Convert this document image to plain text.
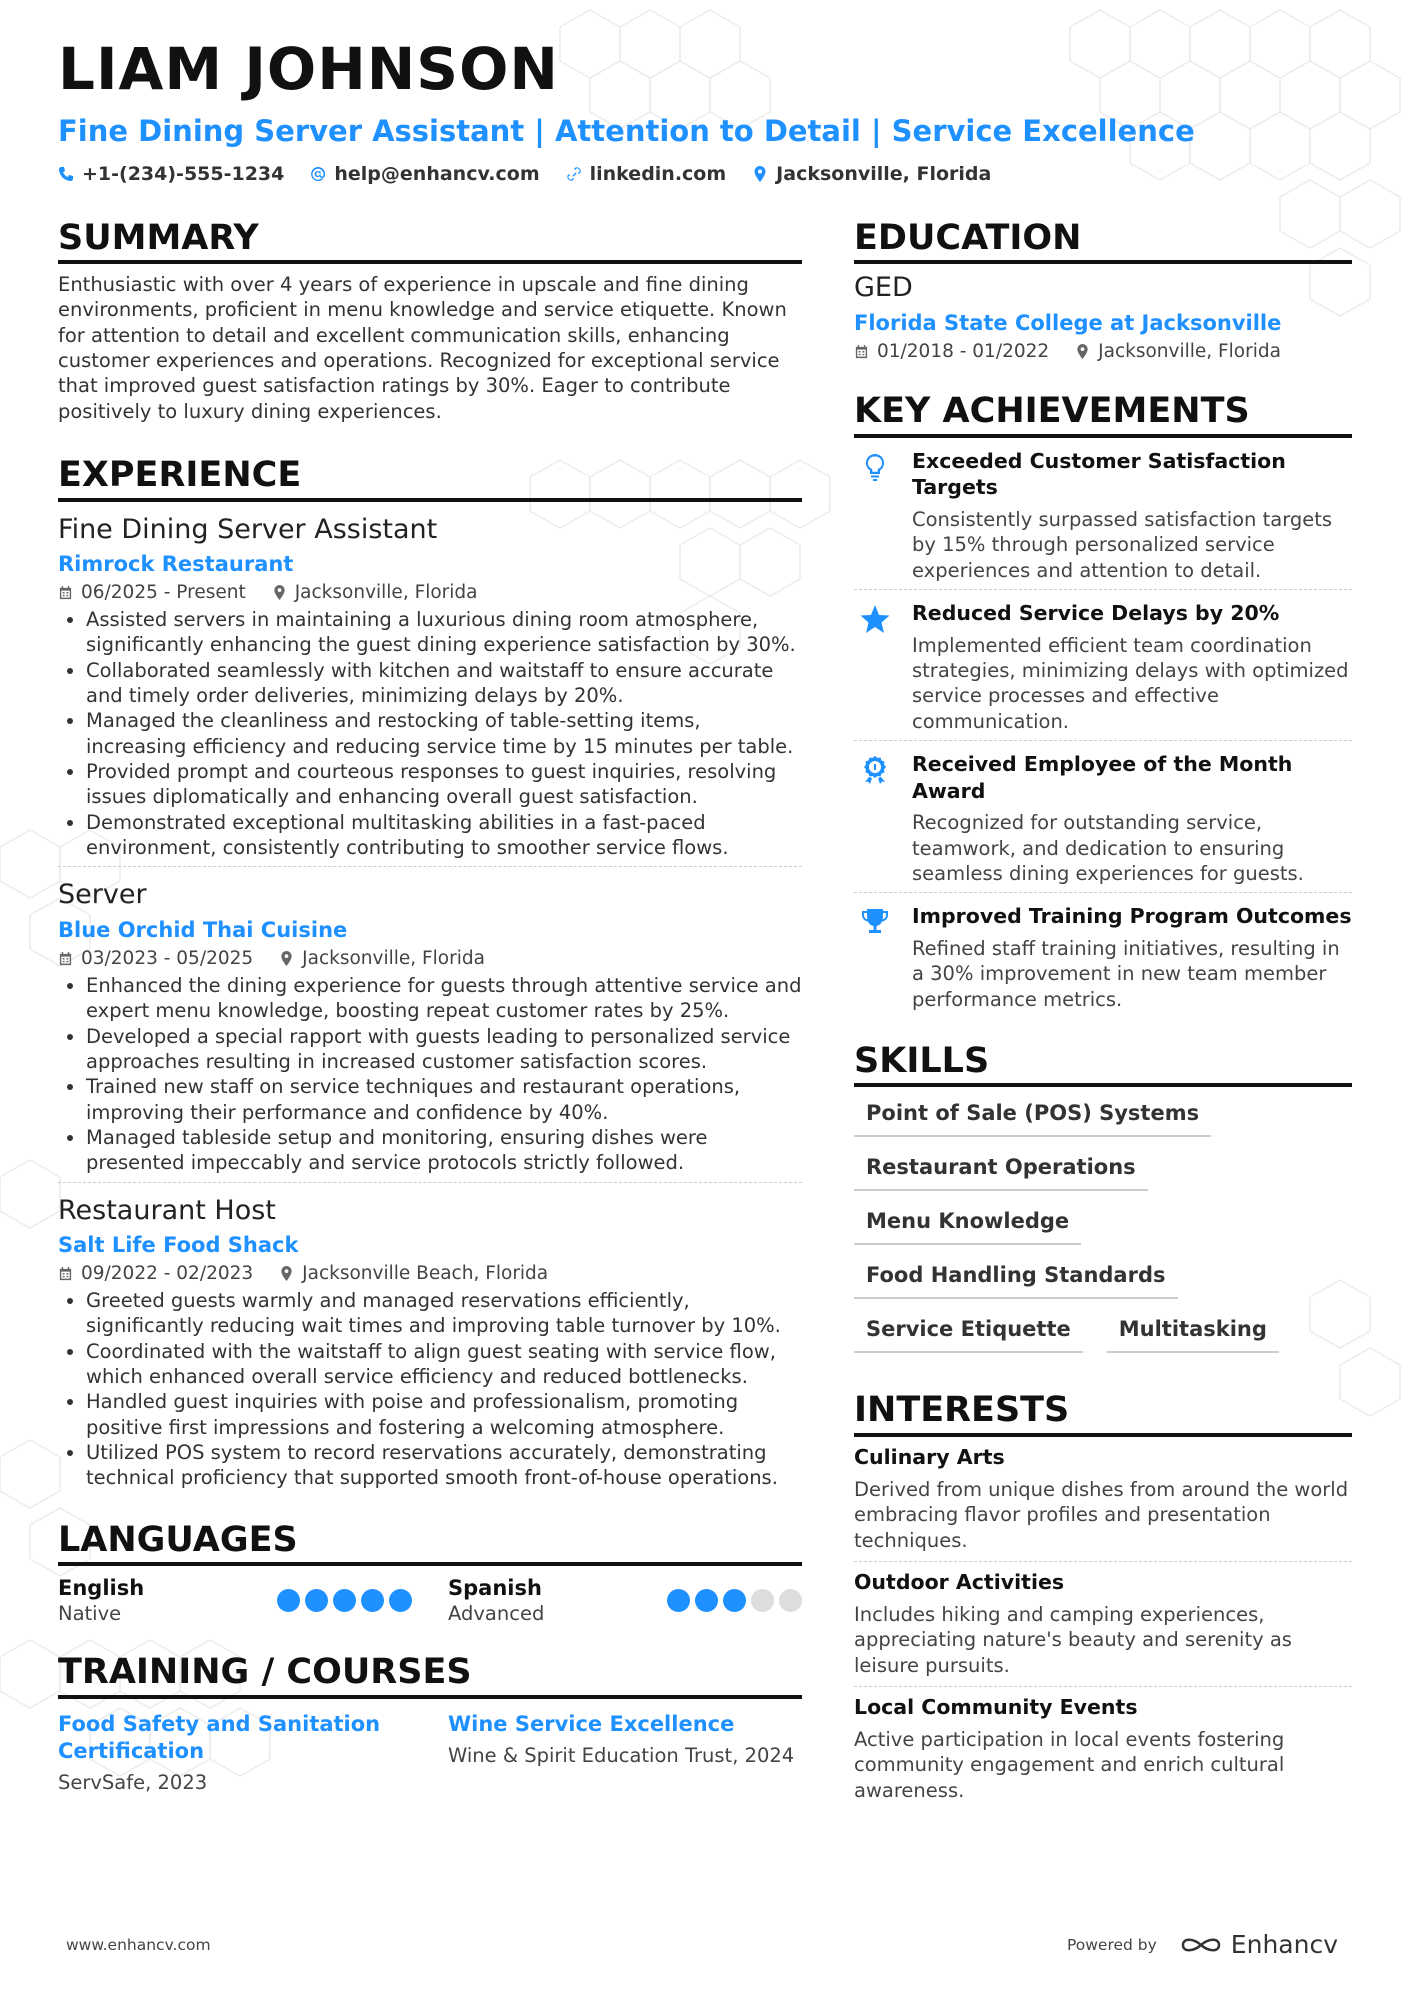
LIAM JOHNSON
Fine Dining Server Assistant | Attention to Detail | Service Excellence
+1-(234)-555-1234	help@enhancv.com	linkedin.com	Jacksonville, Florida
SUMMARY
Enthusiastic with over 4 years of experience in upscale and fine dining environments, proficient in menu knowledge and service etiquette. Known for attention to detail and excellent communication skills, enhancing customer experiences and operations. Recognized for exceptional service that improved guest satisfaction ratings by 30%. Eager to contribute positively to luxury dining experiences.
EXPERIENCE
Fine Dining Server Assistant
Rimrock Restaurant
06/2025 - Present	Jacksonville, Florida
• Assisted servers in maintaining a luxurious dining room atmosphere, significantly enhancing the guest dining experience satisfaction by 30%.
• Collaborated seamlessly with kitchen and waitstaff to ensure accurate and timely order deliveries, minimizing delays by 20%.
• Managed the cleanliness and restocking of table-setting items, increasing efficiency and reducing service time by 15 minutes per table.
• Provided prompt and courteous responses to guest inquiries, resolving issues diplomatically and enhancing overall guest satisfaction.
• Demonstrated exceptional multitasking abilities in a fast-paced environment, consistently contributing to smoother service flows.
Server
Blue Orchid Thai Cuisine
03/2023 - 05/2025	Jacksonville, Florida
• Enhanced the dining experience for guests through attentive service and expert menu knowledge, boosting repeat customer rates by 25%.
• Developed a special rapport with guests leading to personalized service approaches resulting in increased customer satisfaction scores.
• Trained new staff on service techniques and restaurant operations, improving their performance and confidence by 40%.
• Managed tableside setup and monitoring, ensuring dishes were presented impeccably and service protocols strictly followed.
Restaurant Host
Salt Life Food Shack
09/2022 - 02/2023	Jacksonville Beach, Florida
• Greeted guests warmly and managed reservations efficiently, significantly reducing wait times and improving table turnover by 10%.
• Coordinated with the waitstaff to align guest seating with service flow, which enhanced overall service efficiency and reduced bottlenecks.
• Handled guest inquiries with poise and professionalism, promoting positive first impressions and fostering a welcoming atmosphere.
• Utilized POS system to record reservations accurately, demonstrating technical proficiency that supported smooth front-of-house operations.
LANGUAGES
English
Native
Spanish
Advanced
TRAINING / COURSES
Food Safety and Sanitation Certification
ServSafe, 2023
Wine Service Excellence
Wine & Spirit Education Trust, 2024
EDUCATION
GED
Florida State College at Jacksonville
01/2018 - 01/2022	Jacksonville, Florida
KEY ACHIEVEMENTS
Exceeded Customer Satisfaction Targets
Consistently surpassed satisfaction targets by 15% through personalized service experiences and attention to detail.
Reduced Service Delays by 20%
Implemented efficient team coordination strategies, minimizing delays with optimized service processes and effective communication.
Received Employee of the Month Award
Recognized for outstanding service, teamwork, and dedication to ensuring seamless dining experiences for guests.
Improved Training Program Outcomes
Refined staff training initiatives, resulting in a 30% improvement in new team member performance metrics.
SKILLS
Point of Sale (POS) Systems
Restaurant Operations
Menu Knowledge
Food Handling Standards
Service Etiquette	Multitasking
INTERESTS
Culinary Arts
Derived from unique dishes from around the world embracing flavor profiles and presentation techniques.
Outdoor Activities
Includes hiking and camping experiences, appreciating nature's beauty and serenity as leisure pursuits.
Local Community Events
Active participation in local events fostering community engagement and enrich cultural awareness.
www.enhancv.com	Powered by	Enhancv
